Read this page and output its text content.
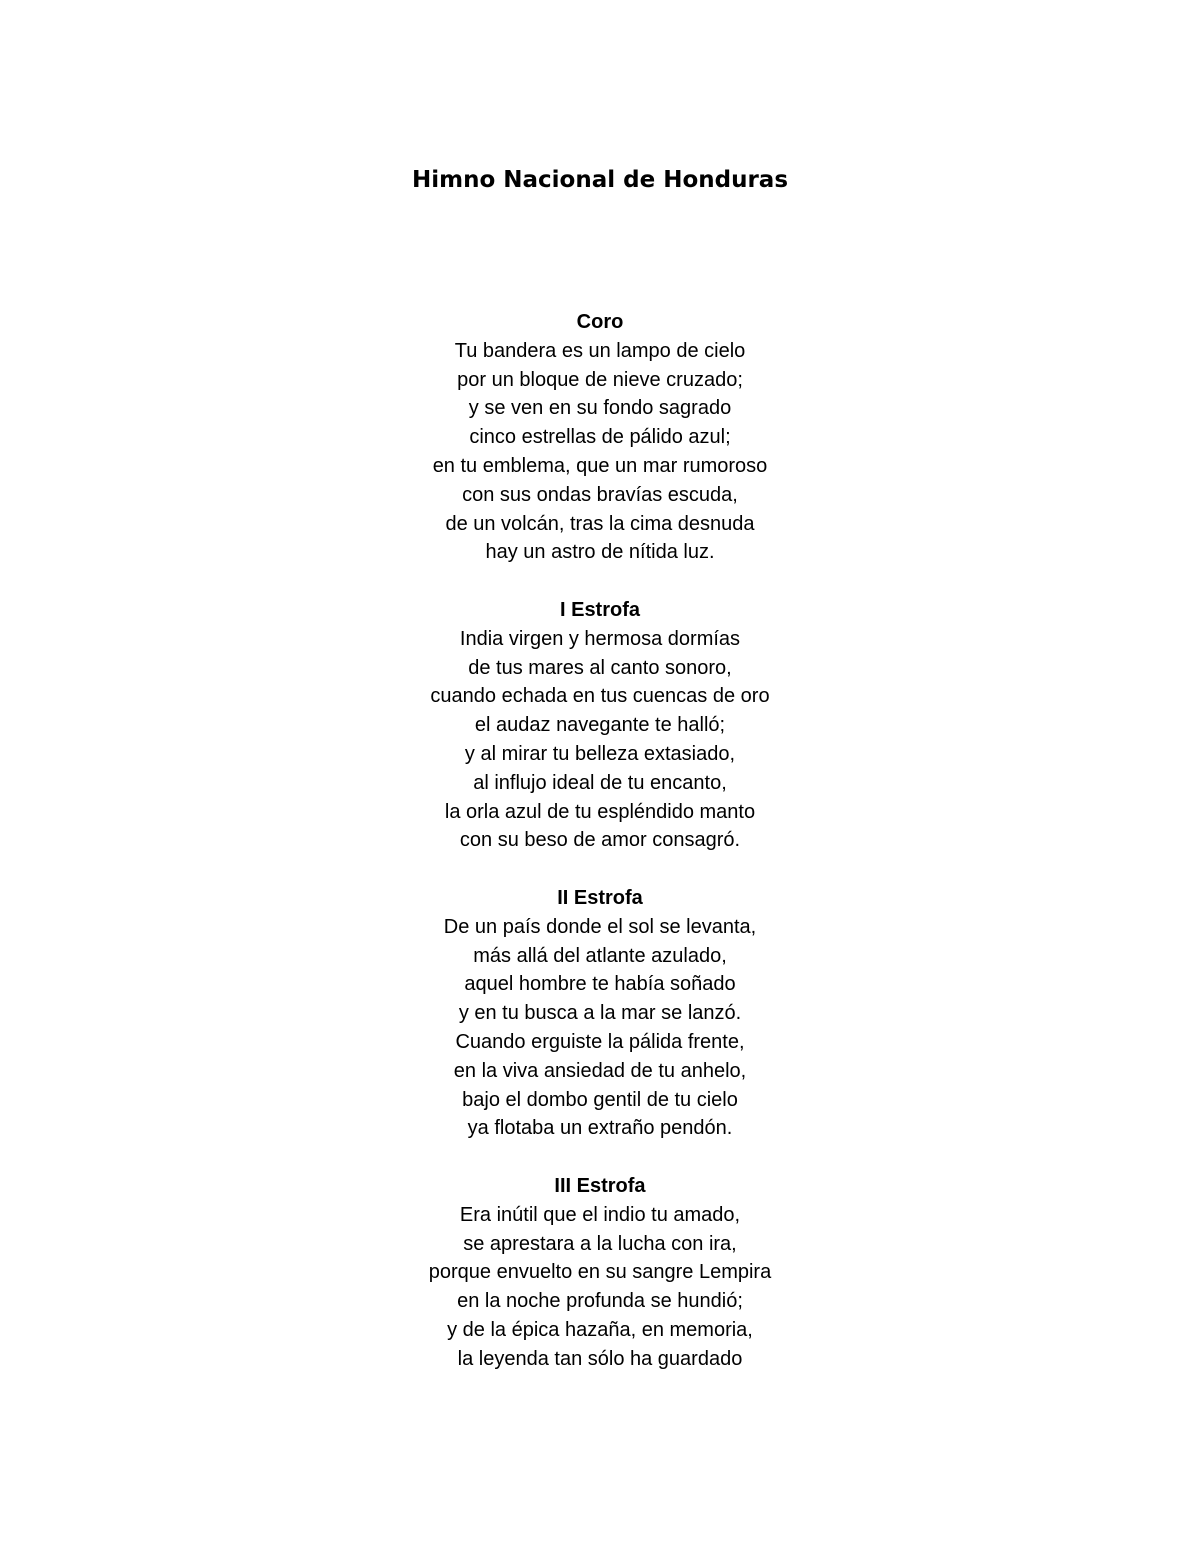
Himno Nacional de Honduras
Coro
Tu bandera es un lampo de cielo
por un bloque de nieve cruzado;
y se ven en su fondo sagrado
cinco estrellas de pálido azul;
en tu emblema, que un mar rumoroso
con sus ondas bravías escuda,
de un volcán, tras la cima desnuda
hay un astro de nítida luz.
I Estrofa
India virgen y hermosa dormías
de tus mares al canto sonoro,
cuando echada en tus cuencas de oro
el audaz navegante te halló;
y al mirar tu belleza extasiado,
al influjo ideal de tu encanto,
la orla azul de tu espléndido manto
con su beso de amor consagró.
II Estrofa
De un país donde el sol se levanta,
más allá del atlante azulado,
aquel hombre te había soñado
y en tu busca a la mar se lanzó.
Cuando erguiste la pálida frente,
en la viva ansiedad de tu anhelo,
bajo el dombo gentil de tu cielo
ya flotaba un extraño pendón.
III Estrofa
Era inútil que el indio tu amado,
se aprestara a la lucha con ira,
porque envuelto en su sangre Lempira
en la noche profunda se hundió;
y de la épica hazaña, en memoria,
la leyenda tan sólo ha guardado
